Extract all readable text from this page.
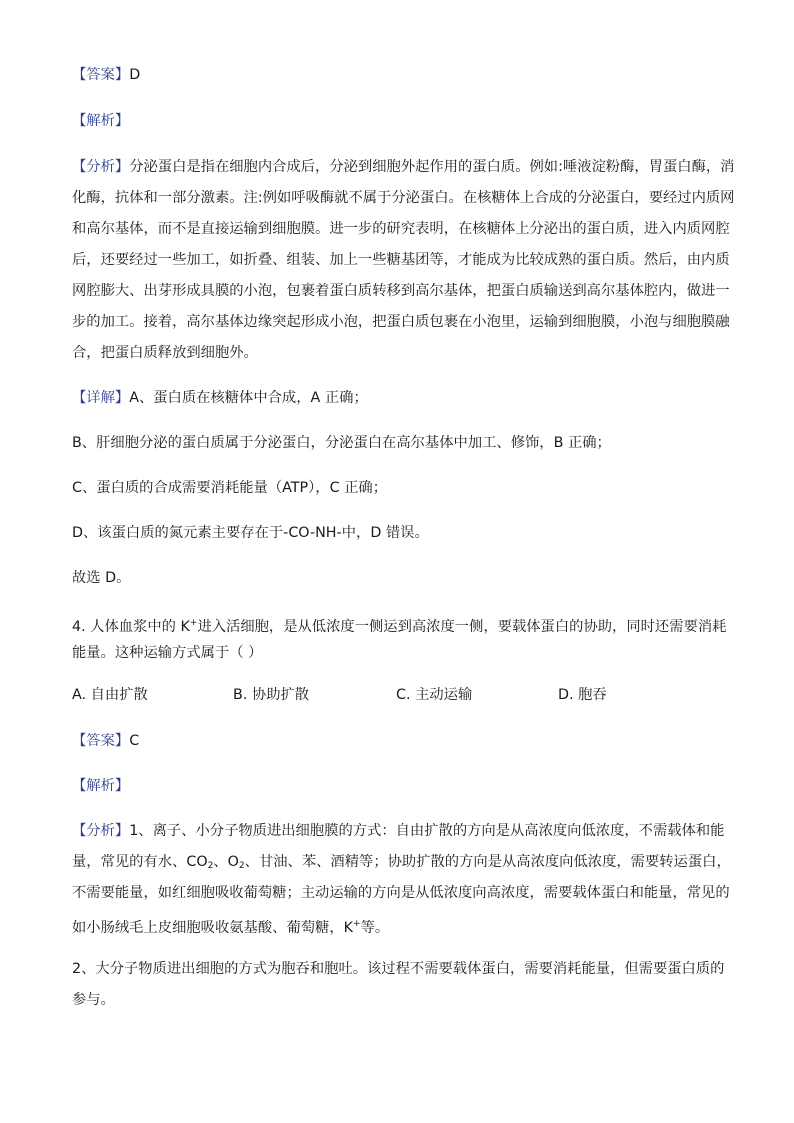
【答案】D
【解析】
【分析】分泌蛋白是指在细胞内合成后，分泌到细胞外起作用的蛋白质。例如:唾液淀粉酶，胃蛋白酶，消
化酶，抗体和一部分激素。注:例如呼吸酶就不属于分泌蛋白。在核糖体上合成的分泌蛋白，要经过内质网
和高尔基体，而不是直接运输到细胞膜。进一步的研究表明，在核糖体上分泌出的蛋白质，进入内质网腔
后，还要经过一些加工，如折叠、组装、加上一些糖基团等，才能成为比较成熟的蛋白质。然后，由内质
网腔膨大、出芽形成具膜的小泡，包裹着蛋白质转移到高尔基体，把蛋白质输送到高尔基体腔内，做进一
步的加工。接着，高尔基体边缘突起形成小泡，把蛋白质包裹在小泡里，运输到细胞膜，小泡与细胞膜融
合，把蛋白质释放到细胞外。
【详解】A、蛋白质在核糖体中合成，A 正确；
B、肝细胞分泌的蛋白质属于分泌蛋白，分泌蛋白在高尔基体中加工、修饰，B 正确；
C、蛋白质的合成需要消耗能量（ATP），C 正确；
D、该蛋白质的氮元素主要存在于-CO-NH-中，D 错误。
故选 D。
4. 人体血浆中的 K+进入活细胞，是从低浓度一侧运到高浓度一侧，要载体蛋白的协助，同时还需要消耗
能量。这种运输方式属于（ ）
A. 自由扩散	B. 协助扩散	C. 主动运输	D. 胞吞
【答案】C
【解析】
【分析】1、离子、小分子物质进出细胞膜的方式：自由扩散的方向是从高浓度向低浓度，不需载体和能
量，常见的有水、$CO_2$、$O_2$、甘油、苯、酒精等；协助扩散的方向是从高浓度向低浓度，需要转运蛋白，
不需要能量，如红细胞吸收葡萄糖；主动运输的方向是从低浓度向高浓度，需要载体蛋白和能量，常见的
如小肠绒毛上皮细胞吸收氨基酸、葡萄糖，K+等。
2、大分子物质进出细胞的方式为胞吞和胞吐。该过程不需要载体蛋白，需要消耗能量，但需要蛋白质的
参与。
